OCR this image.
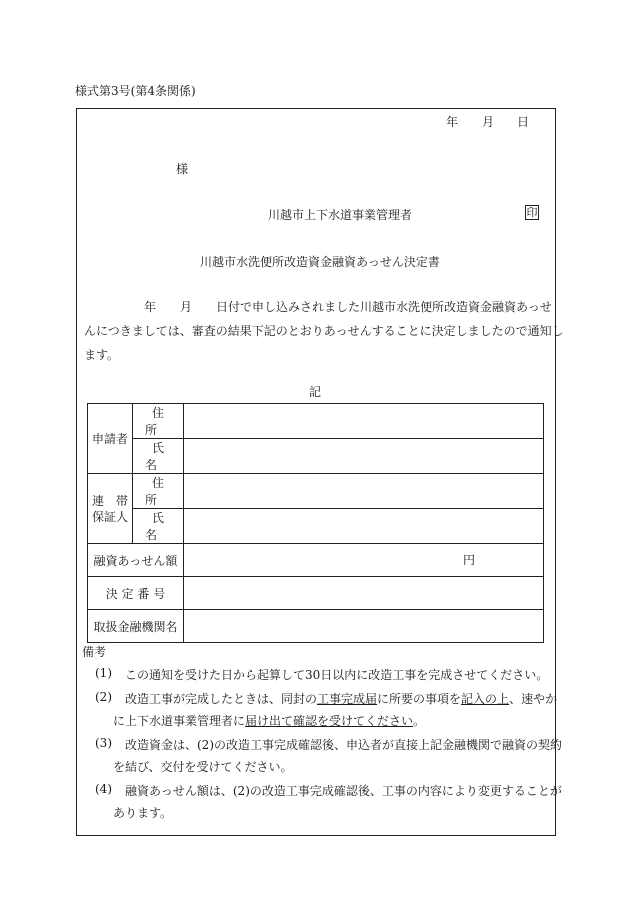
様式第3号(第4条関係)
年 月 日
様
川越市上下水道事業管理者	印
川越市水洗便所改造資金融資あっせん決定書
年 月 日付で申し込みされました川越市水洗便所改造資金融資あっせ
んにつきましては、審査の結果下記のとおりあっせんすることに決定しましたので通知し
ます。
記
申請者	住所	
	氏名	

連　帯
保証人	住所	
	氏名	
融資あっせん額		円

決 定 番 号		
取扱金融機関名		
備考
(1) この通知を受けた日から起算して30日以内に改造工事を完成させてください。
(2) 改造工事が完成したときは、同封の工事完成届に所要の事項を記入の上、速やか
に上下水道事業管理者に届け出て確認を受けてください。
(3) 改造資金は、(2)の改造工事完成確認後、申込者が直接上記金融機関で融資の契約
を結び、交付を受けてください。
(4) 融資あっせん額は、(2)の改造工事完成確認後、工事の内容により変更することが
あります。
